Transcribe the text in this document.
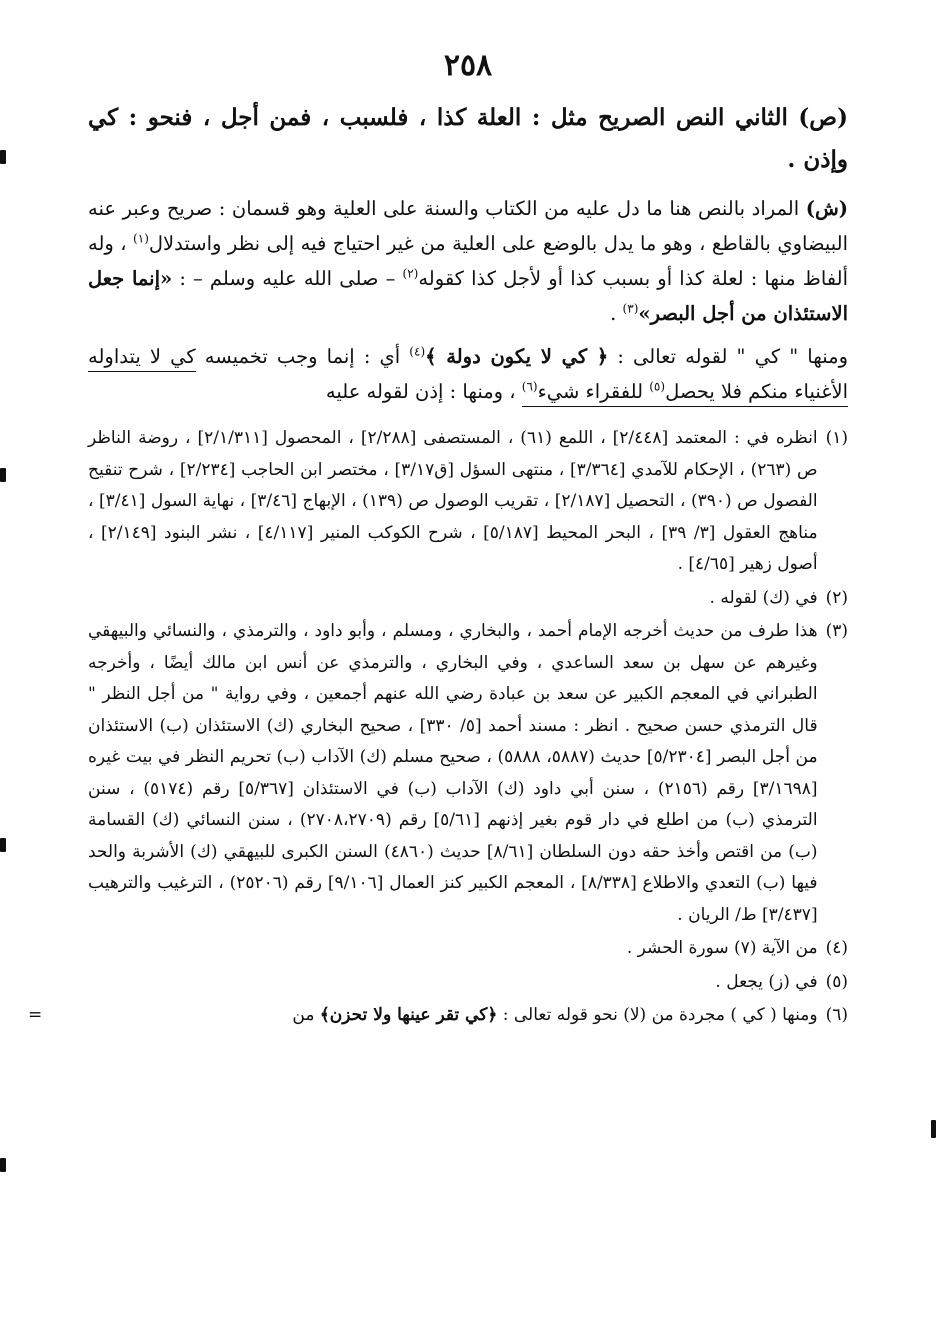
٢٥٨

(ص) الثاني النص الصريح مثل : العلة كذا ، فلسبب ، فمن أجل ، فنحو : كي وإذن .

(ش) المراد بالنص هنا ما دل عليه من الكتاب والسنة على العلية وهو قسمان : صريح وعبر عنه البيضاوي بالقاطع ، وهو ما يدل بالوضع على العلية من غير احتياج فيه إلى نظر واستدلال$^{(١)}$ ، وله ألفاظ منها : لعلة كذا أو بسبب كذا أو لأجل كذا كقوله$^{(٢)}$ – صلى الله عليه وسلم – : «إنما جعل الاستئذان من أجل البصر»$^{(٣)}$ .

ومنها " كي " لقوله تعالى : ﴿ كي لا يكون دولة ﴾$^{(٤)}$ أي : إنما وجب تخميسه كي لا يتداوله الأغنياء منكم فلا يحصل$^{(٥)}$ للفقراء شيء$^{(٦)}$ ، ومنها : إذن لقوله عليه

(١)
انظره في : المعتمد [٢/٤٤٨] ، اللمع (٦١) ، المستصفى [٢/٢٨٨] ، المحصول [٢/١/٣١١] ، روضة الناظر ص (٢٦٣) ، الإحكام للآمدي [٣/٣٦٤] ، منتهى السؤل [ق٣/١٧] ، مختصر ابن الحاجب [٢/٢٣٤] ، شرح تنقيح الفصول ص (٣٩٠) ، التحصيل [٢/١٨٧] ، تقريب الوصول ص (١٣٩) ، الإبهاج [٣/٤٦] ، نهاية السول [٣/٤١] ، مناهج العقول [٣/ ٣٩] ، البحر المحيط [٥/١٨٧] ، شرح الكوكب المنير [٤/١١٧] ، نشر البنود [٢/١٤٩] ، أصول زهير [٤/٦٥] .
(٢)
في (ك) لقوله .
(٣)
هذا طرف من حديث أخرجه الإمام أحمد ، والبخاري ، ومسلم ، وأبو داود ، والترمذي ، والنسائي والبيهقي وغيرهم عن سهل بن سعد الساعدي ، وفي البخاري ، والترمذي عن أنس ابن مالك أيضًا ، وأخرجه الطبراني في المعجم الكبير عن سعد بن عبادة رضي الله عنهم أجمعين ، وفي رواية " من أجل النظر " قال الترمذي حسن صحيح . انظر : مسند أحمد [٥/ ٣٣٠] ، صحيح البخاري (ك) الاستئذان (ب) الاستئذان من أجل البصر [٥/٢٣٠٤] حديث (٥٨٨٧، ٥٨٨٨) ، صحيح مسلم (ك) الآداب (ب) تحريم النظر في بيت غيره [٣/١٦٩٨] رقم (٢١٥٦) ، سنن أبي داود (ك) الآداب (ب) في الاستئذان [٥/٣٦٧] رقم (٥١٧٤) ، سنن الترمذي (ب) من اطلع في دار قوم بغير إذنهم [٥/٦١] رقم (٢٧٠٨،٢٧٠٩) ، سنن النسائي (ك) القسامة (ب) من اقتص وأخذ حقه دون السلطان [٨/٦١] حديث (٤٨٦٠) السنن الكبرى للبيهقي (ك) الأشربة والحد فيها (ب) التعدي والاطلاع [٨/٣٣٨] ، المعجم الكبير كنز العمال [٩/١٠٦] رقم (٢٥٢٠٦) ، الترغيب والترهيب [٣/٤٣٧] ط/ الريان .
(٤)
من الآية (٧) سورة الحشر .
(٥)
في (ز) يجعل .
(٦)
ومنها ( كي ) مجردة من (لا) نحو قوله تعالى : ﴿كي تقر عينها ولا تحزن﴾ من
=
